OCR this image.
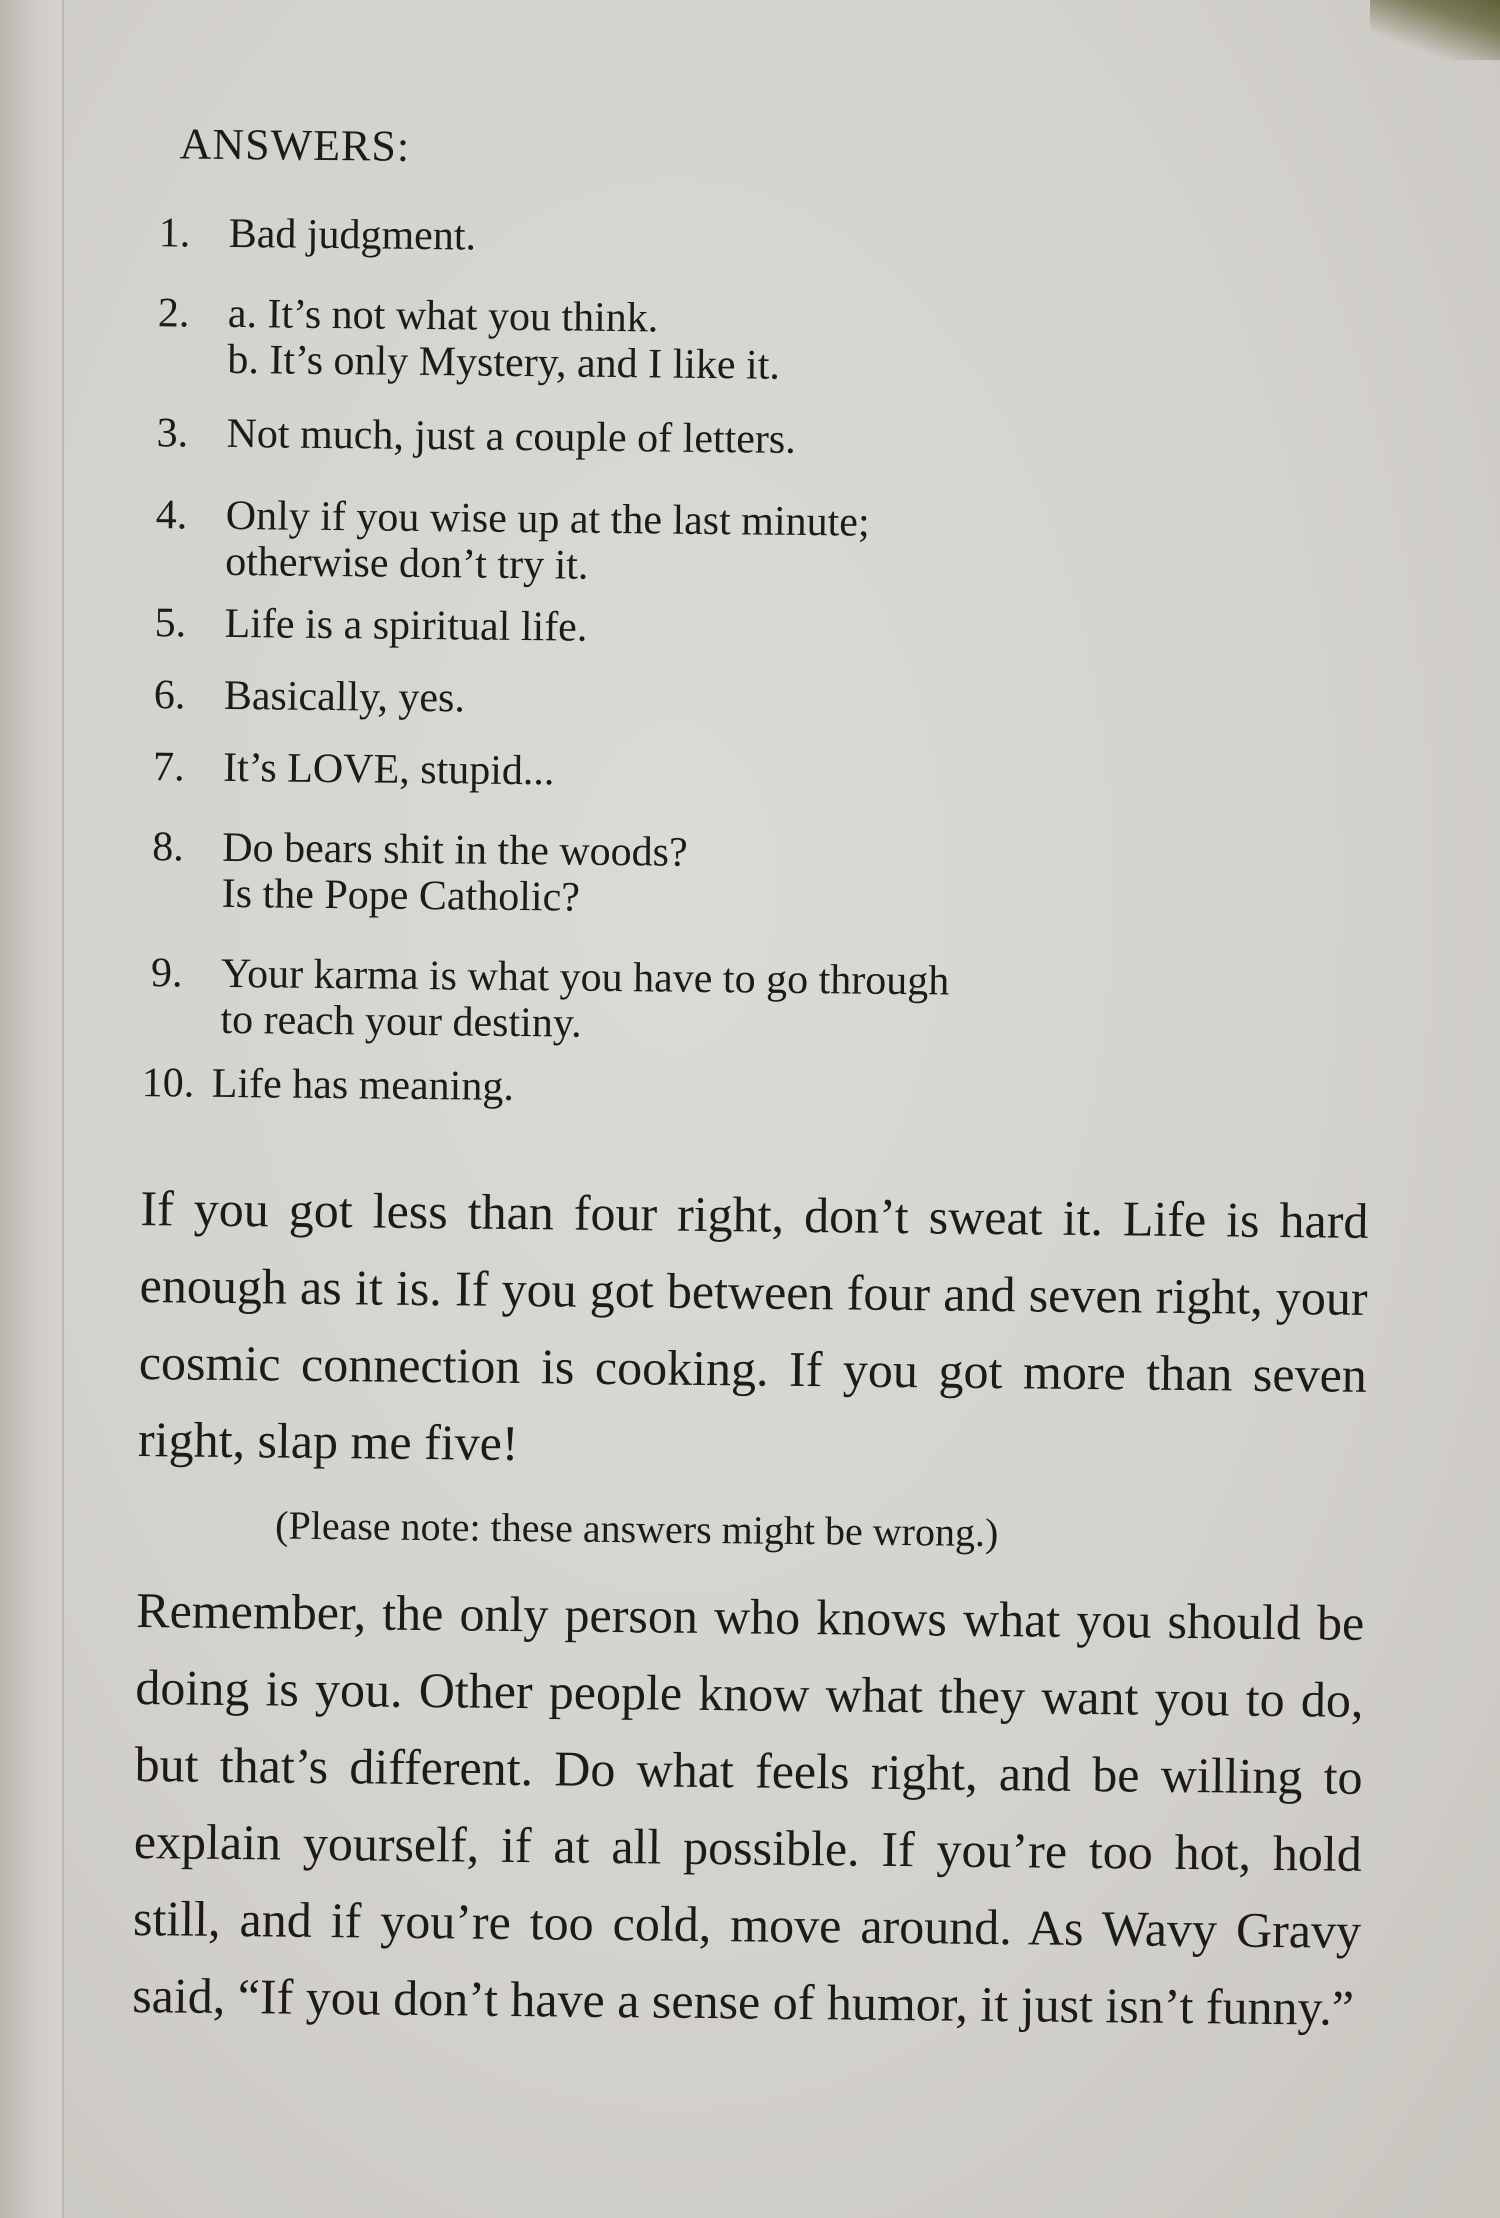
ANSWERS:
1. Bad judgment.
2. a. It’s not what you think.
b. It’s only Mystery, and I like it.
3. Not much, just a couple of letters.
4. Only if you wise up at the last minute;
otherwise don’t try it.
5. Life is a spiritual life.
6. Basically, yes.
7. It’s LOVE, stupid...
8. Do bears shit in the woods?
Is the Pope Catholic?
9. Your karma is what you have to go through
to reach your destiny.
10. Life has meaning.
If you got less than four right, don’t sweat it. Life is hard enough as it is. If you got between four and seven right, your cosmic connection is cooking. If you got more than seven right, slap me five!
(Please note: these answers might be wrong.)
Remember, the only person who knows what you should be doing is you. Other people know what they want you to do, but that’s different. Do what feels right, and be willing to explain yourself, if at all possible. If you’re too hot, hold still, and if you’re too cold, move around. As Wavy Gravy said, “If you don’t have a sense of humor, it just isn’t funny.”
